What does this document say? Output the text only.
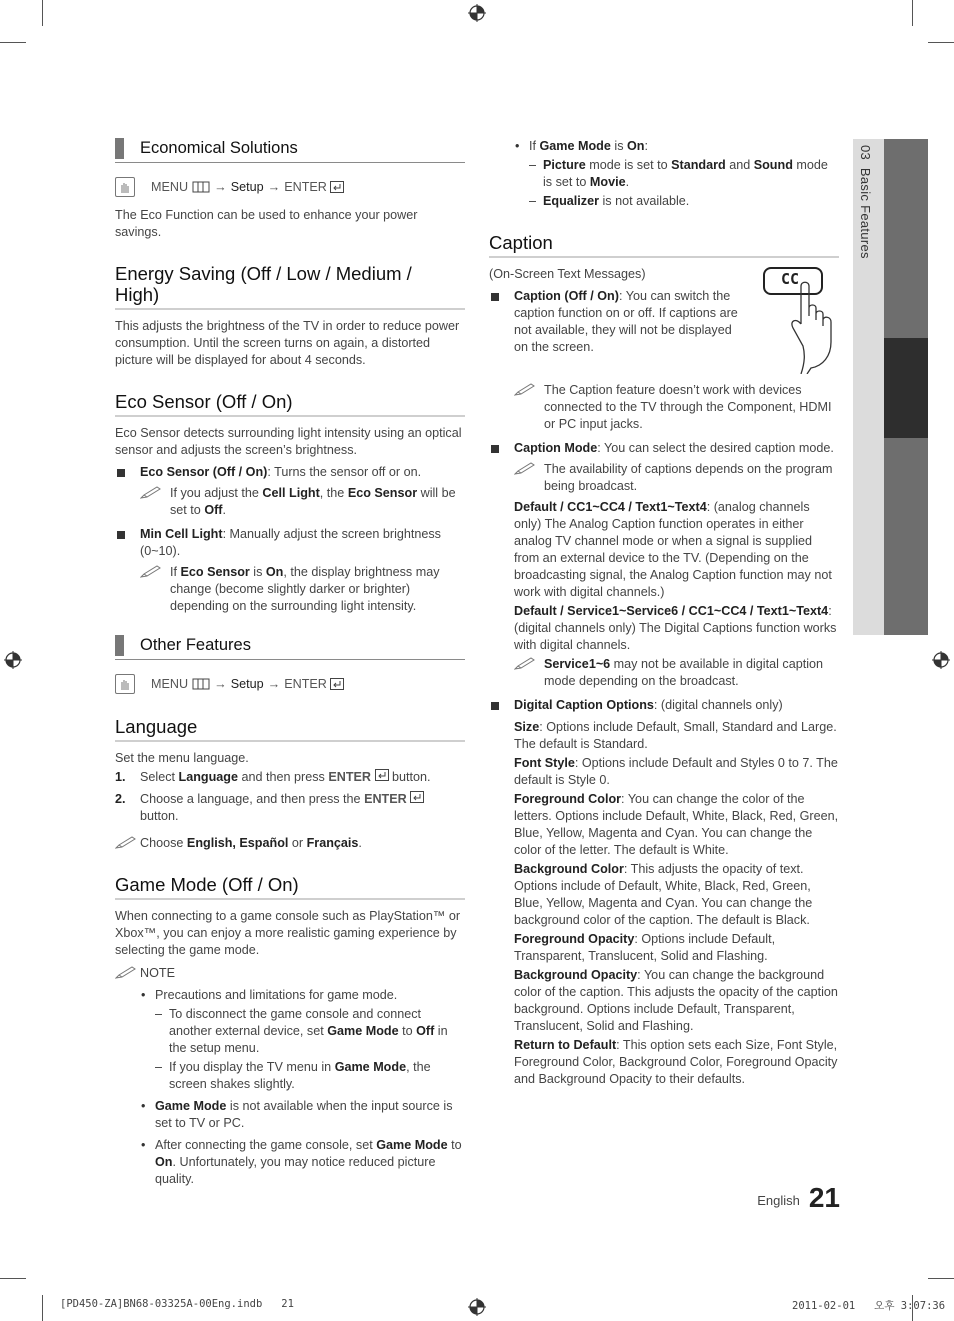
03  Basic Features
Economical Solutions
MENU → Setup → ENTER

The Eco Function can be used to enhance your power savings.

Energy Saving (Off / Low / Medium /
High)

This adjusts the brightness of the TV in order to reduce power consumption. Until the screen turns on again, a distorted picture will be displayed for about 4 seconds.

Eco Sensor (Off / On)

Eco Sensor detects surrounding light intensity using an optical sensor and adjusts the screen’s brightness.

Eco Sensor (Off / On): Turns the sensor off or on.
If you adjust the Cell Light, the Eco Sensor will be set to Off.
Min Cell Light: Manually adjust the screen brightness (0~10).
If Eco Sensor is On, the display brightness may change (become slightly darker or brighter) depending on the surrounding light intensity.
Other Features
MENU → Setup → ENTER
Language

Set the menu language.

1. Select Language and then press ENTER  button.
2. Choose a language, and then press the ENTER
button.
Choose English, Español or Français.
Game Mode (Off / On)

When connecting to a game console such as PlayStation™ or Xbox™, you can enjoy a more realistic gaming experience by selecting the game mode.

NOTE
• Precautions and limitations for game mode.
– To disconnect the game console and connect another external device, set Game Mode to Off in the setup menu.
– If you display the TV menu in Game Mode, the screen shakes slightly.
• Game Mode is not available when the input source is set to TV or PC.
• After connecting the game console, set Game Mode to On. Unfortunately, you may notice reduced picture quality.
• If Game Mode is On:
– Picture mode is set to Standard and Sound mode is set to Movie.
– Equalizer is not available.
Caption

(On-Screen Text Messages)

Caption (Off / On): You can switch the caption function on or off. If captions are not available, they will not be displayed on the screen.
CC
The Caption feature doesn’t work with devices connected to the TV through the Component, HDMI or PC input jacks.
Caption Mode: You can select the desired caption mode.
The availability of captions depends on the program being broadcast.

Default / CC1~CC4 / Text1~Text4: (analog channels only) The Analog Caption function operates in either analog TV channel mode or when a signal is supplied from an external device to the TV. (Depending on the broadcasting signal, the Analog Caption function may not work with digital channels.)

Default / Service1~Service6 / CC1~CC4 / Text1~Text4: (digital channels only) The Digital Captions function works with digital channels.

Service1~6 may not be available in digital caption mode depending on the broadcast.
Digital Caption Options: (digital channels only)

Size: Options include Default, Small, Standard and Large. The default is Standard.

Font Style: Options include Default and Styles 0 to 7. The default is Style 0.

Foreground Color: You can change the color of the letters. Options include Default, White, Black, Red, Green, Blue, Yellow, Magenta and Cyan. You can change the color of the letter. The default is White.

Background Color: This adjusts the opacity of text. Options include of Default, White, Black, Red, Green, Blue, Yellow, Magenta and Cyan. You can change the background color of the caption. The default is Black.

Foreground Opacity: Options include Default, Transparent, Translucent, Solid and Flashing.

Background Opacity: You can change the background color of the caption. This adjusts the opacity of the caption background. Options include Default, Transparent, Translucent, Solid and Flashing.

Return to Default: This option sets each Size, Font Style, Foreground Color, Background Color, Foreground Opacity and Background Opacity to their defaults.

English 21
[PD450-ZA]BN68-03325A-00Eng.indb   21	2011-02-01   오후 3:07:36
